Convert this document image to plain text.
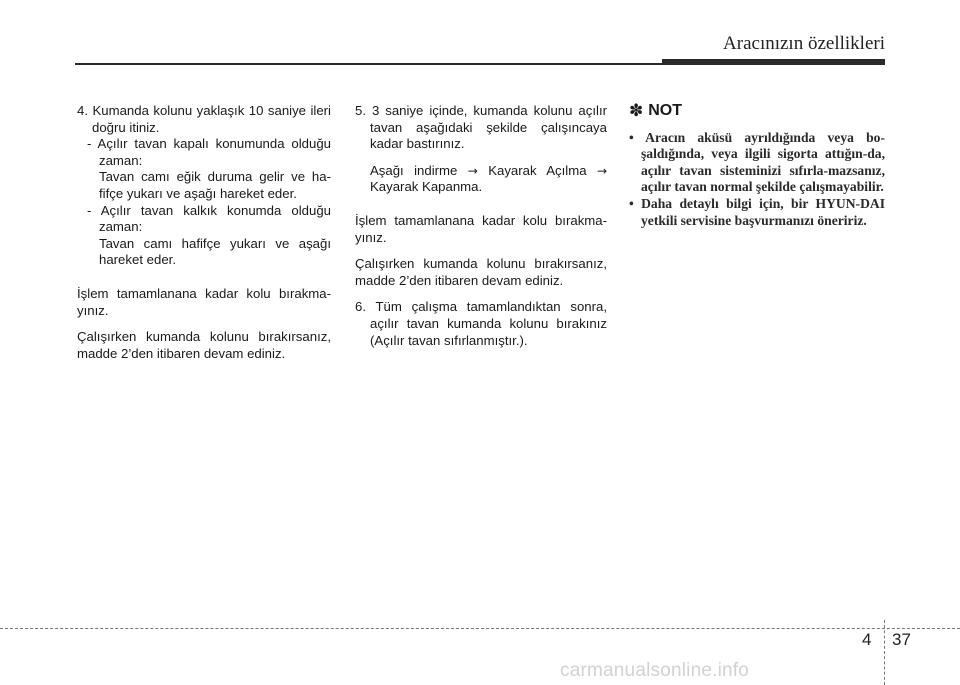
Aracınızın özellikleri

4. Kumanda kolunu yaklaşık 10 saniye ileri doğru itiniz.

- Açılır tavan kapalı konumunda olduğu zaman:

Tavan camı eğik duruma gelir ve ha-fifçe yukarı ve aşağı hareket eder.

- Açılır tavan kalkık konumda olduğu zaman:

Tavan camı hafifçe yukarı ve aşağı hareket eder.

İşlem tamamlanana kadar kolu bırakma-yınız.

Çalışırken kumanda kolunu bırakırsanız, madde 2’den itibaren devam ediniz.

5. 3 saniye içinde, kumanda kolunu açılır tavan aşağıdaki şekilde çalışıncaya kadar bastırınız.

Aşağı indirme → Kayarak Açılma → Kayarak Kapanma.

İşlem tamamlanana kadar kolu bırakma-yınız.

Çalışırken kumanda kolunu bırakırsanız, madde 2’den itibaren devam ediniz.

6. Tüm çalışma tamamlandıktan sonra, açılır tavan kumanda kolunu bırakınız (Açılır tavan sıfırlanmıştır.).

✽ NOT

• Aracın aküsü ayrıldığında veya bo-şaldığında, veya ilgili sigorta attığın-da, açılır tavan sisteminizi sıfırla-mazsanız, açılır tavan normal şekilde çalışmayabilir.
• Daha detaylı bilgi için, bir HYUN-DAI yetkili servisine başvurmanızı öneririz.
4 37
carmanualsonline.info
